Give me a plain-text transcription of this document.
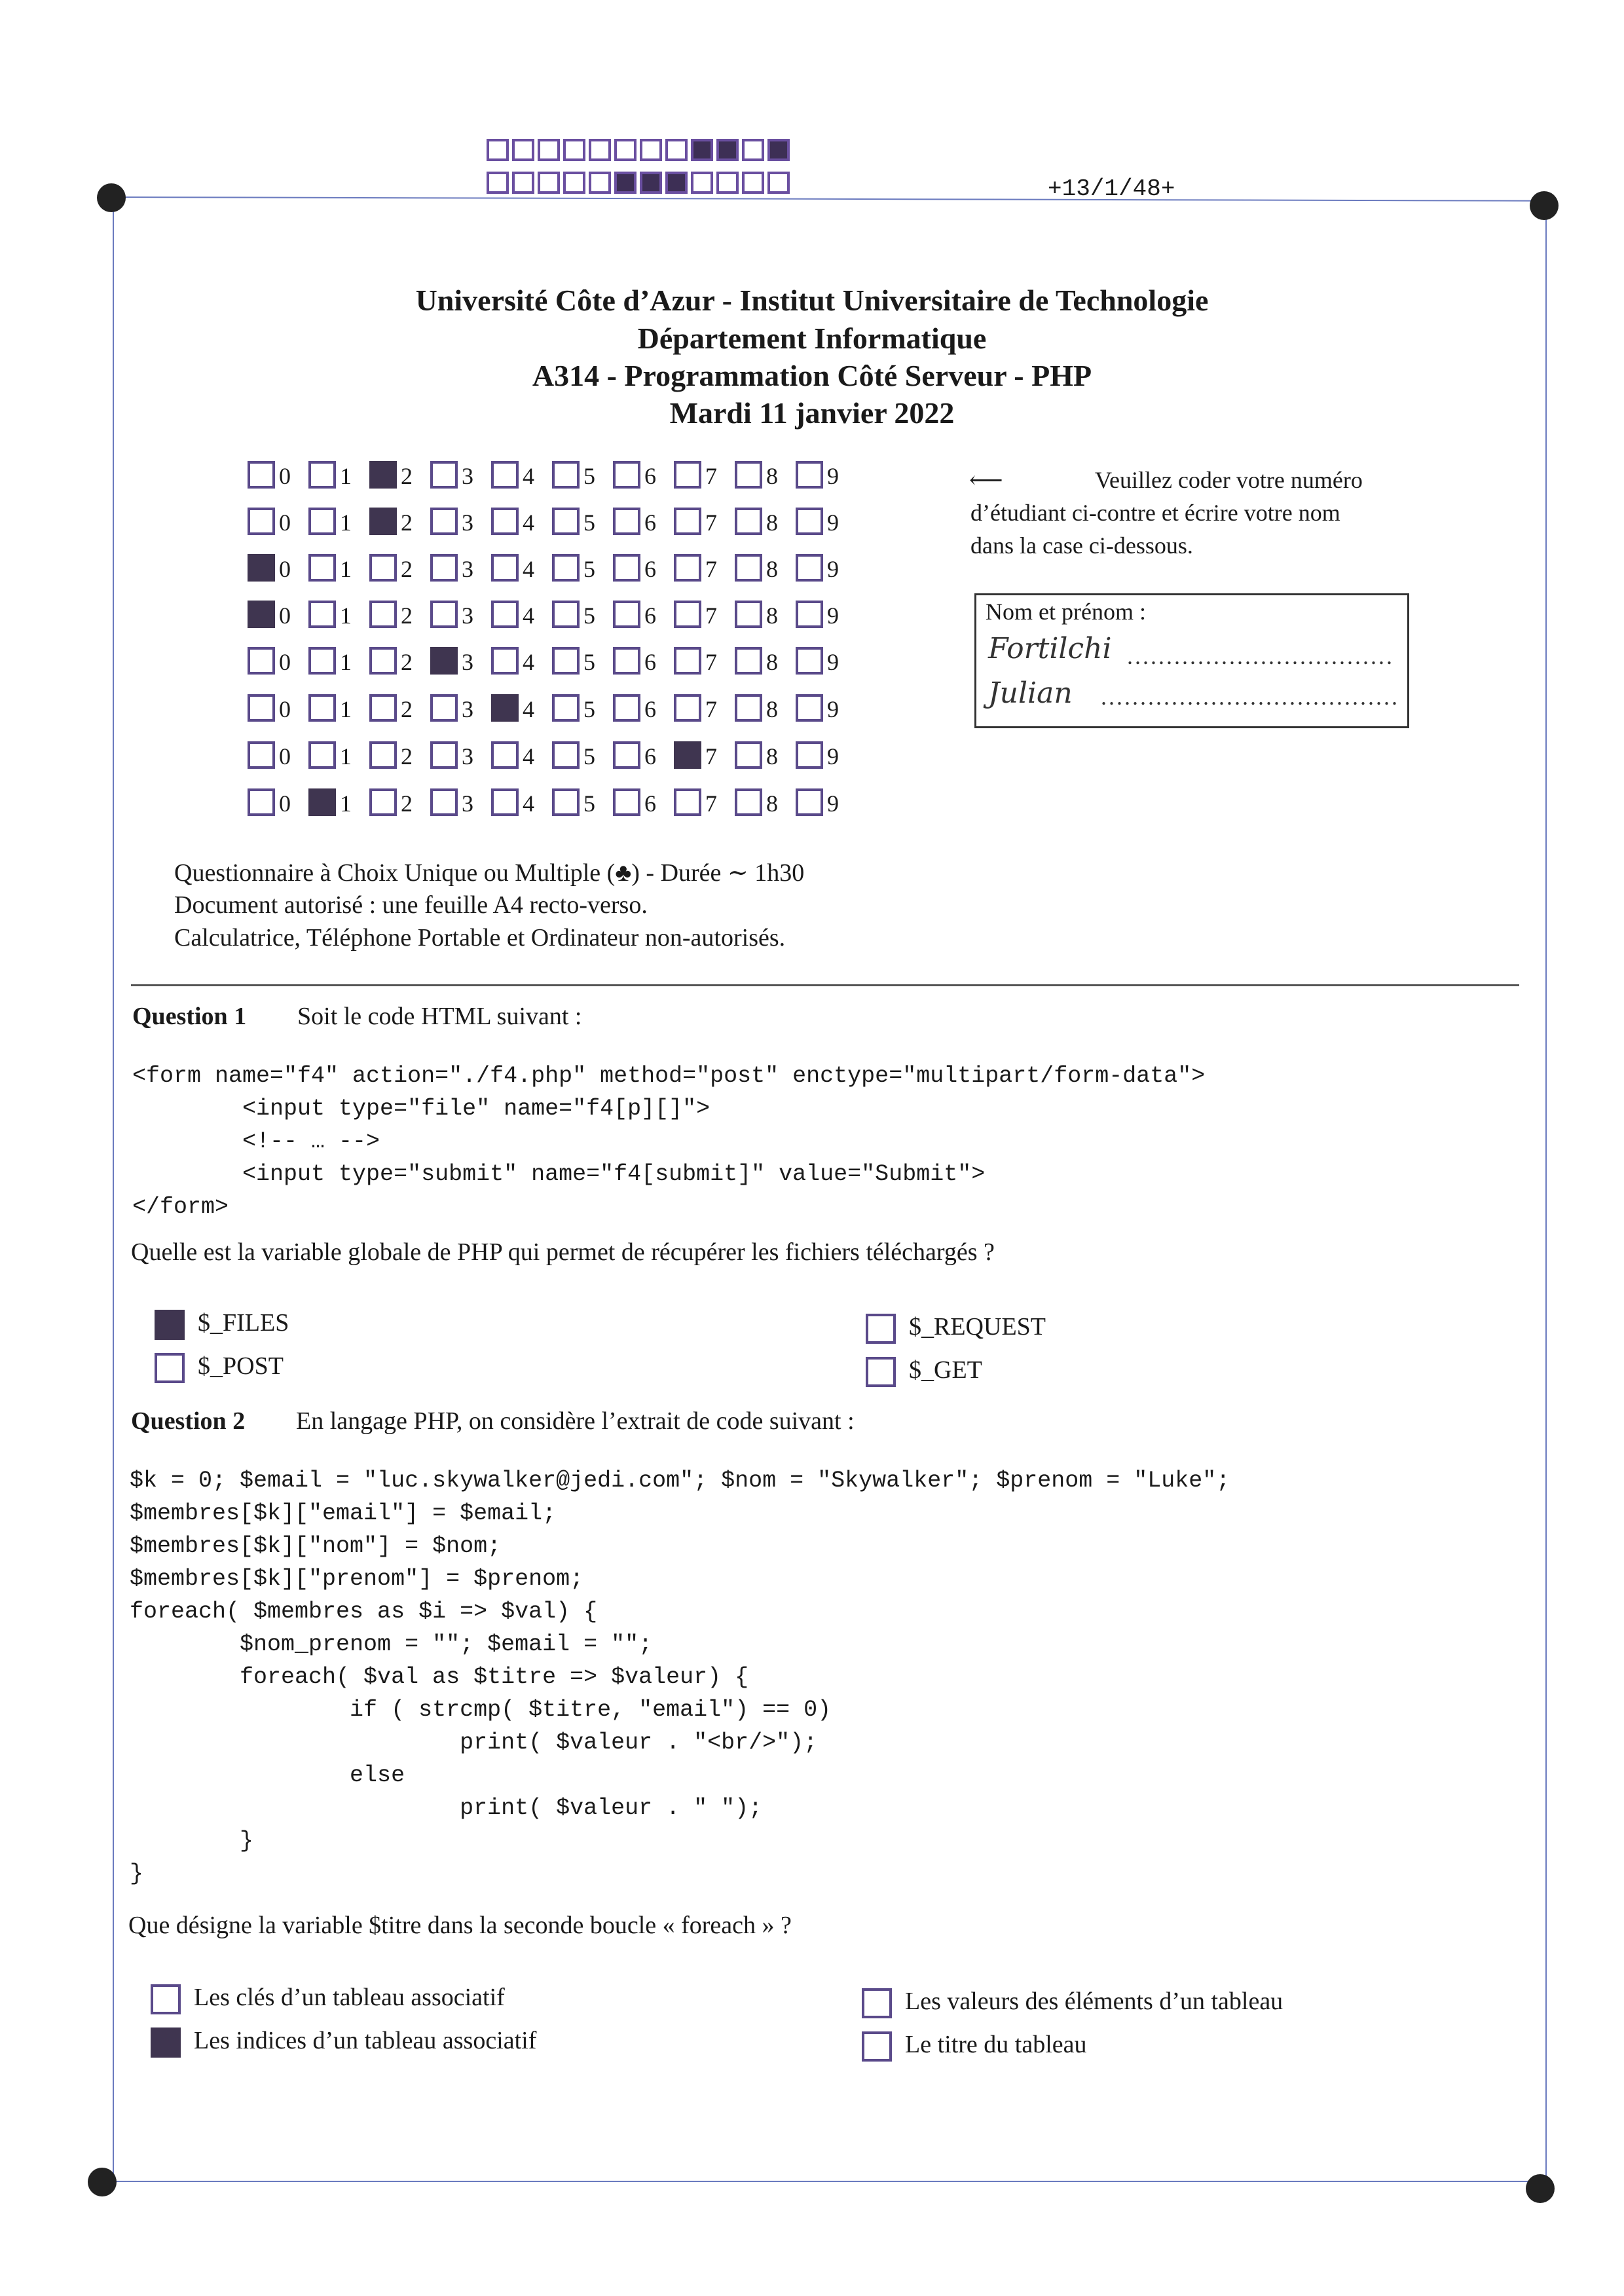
+13/1/48+
Université Côte d’Azur - Institut Universitaire de Technologie
Département Informatique
A314 - Programmation Côté Serveur - PHP
Mardi 11 janvier 2022
0 1 2 3 4 5 6 7 8 9
0 1 2 3 4 5 6 7 8 9
0 1 2 3 4 5 6 7 8 9
0 1 2 3 4 5 6 7 8 9
0 1 2 3 4 5 6 7 8 9
0 1 2 3 4 5 6 7 8 9
0 1 2 3 4 5 6 7 8 9
0 1 2 3 4 5 6 7 8 9
⟵	Veuillez coder votre numéro
d’étudiant ci-contre et écrire votre nom
dans la case ci-dessous.
Nom et prénom :
Fortilchi ..................................
Julian ......................................
Questionnaire à Choix Unique ou Multiple (♣) - Durée ∼ 1h30
Document autorisé : une feuille A4 recto-verso.
Calculatrice, Téléphone Portable et Ordinateur non-autorisés.
Question 1 Soit le code HTML suivant :
<form name="f4" action="./f4.php" method="post" enctype="multipart/form-data">
<input type="file" name="f4[p][]">
<!-- … -->
<input type="submit" name="f4[submit]" value="Submit">
</form>
Quelle est la variable globale de PHP qui permet de récupérer les fichiers téléchargés ?
$_FILES
$_POST
$_REQUEST
$_GET
Question 2 En langage PHP, on considère l’extrait de code suivant :
$k = 0; $email = "luc.skywalker@jedi.com"; $nom = "Skywalker"; $prenom = "Luke";
$membres[$k]["email"] = $email;
$membres[$k]["nom"] = $nom;
$membres[$k]["prenom"] = $prenom;
foreach( $membres as $i => $val) {
$nom_prenom = ""; $email = "";
foreach( $val as $titre => $valeur) {
if ( strcmp( $titre, "email") == 0)
print( $valeur . "<br/>");
else
print( $valeur . " ");
}
}
Que désigne la variable $titre dans la seconde boucle « foreach » ?
Les clés d’un tableau associatif
Les indices d’un tableau associatif
Les valeurs des éléments d’un tableau
Le titre du tableau
